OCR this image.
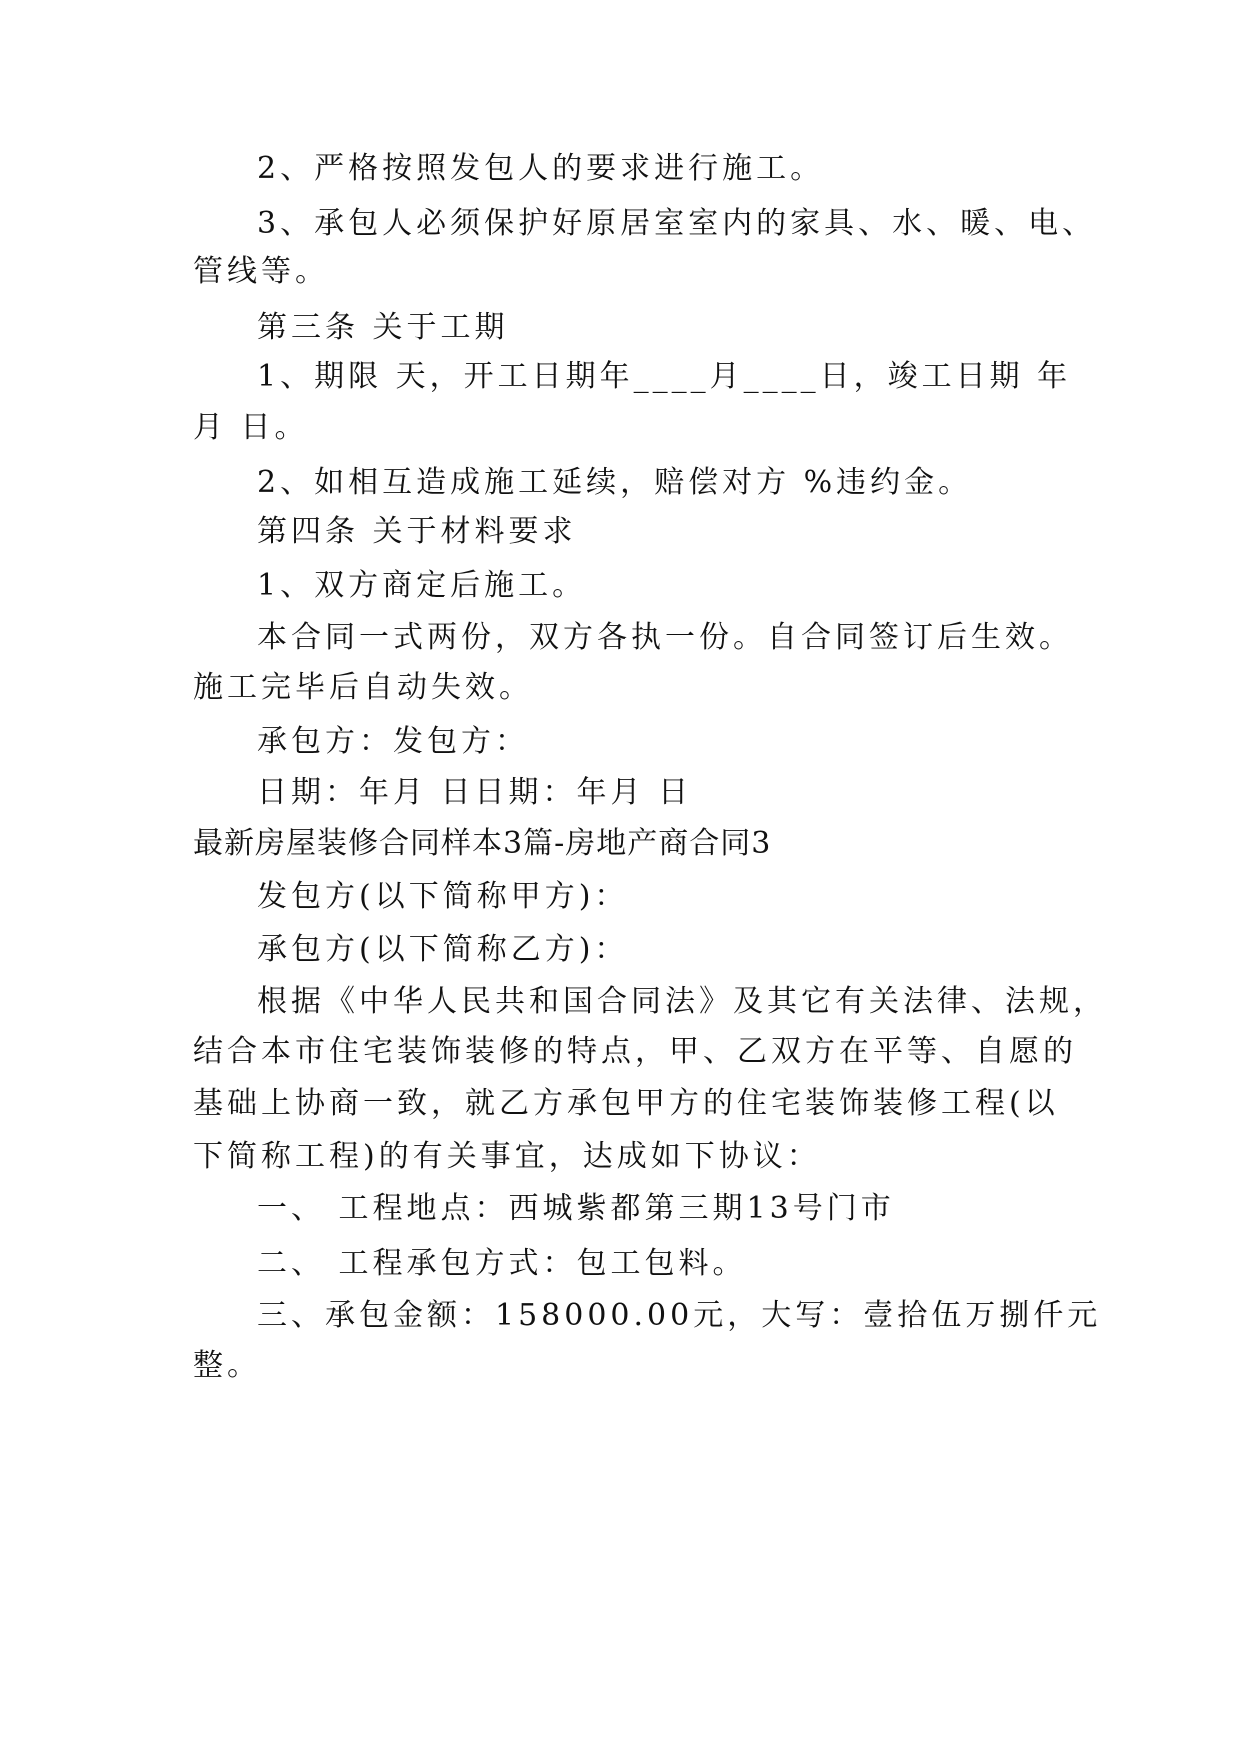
2、严格按照发包人的要求进行施工。
3、承包人必须保护好原居室室内的家具、水、暖、电、
管线等。
第三条 关于工期
1、期限 天，开工日期年____月____日，竣工日期 年
月 日。
2、如相互造成施工延续，赔偿对方 %违约金。
第四条 关于材料要求
1、双方商定后施工。
本合同一式两份，双方各执一份。自合同签订后生效。
施工完毕后自动失效。
承包方：发包方：
日期：年月 日日期：年月 日
最新房屋装修合同样本3篇-房地产商合同3
发包方(以下简称甲方)：
承包方(以下简称乙方)：
根据《中华人民共和国合同法》及其它有关法律、法规，
结合本市住宅装饰装修的特点，甲、乙双方在平等、自愿的
基础上协商一致，就乙方承包甲方的住宅装饰装修工程(以
下简称工程)的有关事宜，达成如下协议：
一、 工程地点：西城紫都第三期13号门市
二、 工程承包方式：包工包料。
三、承包金额：158000.00元，大写：壹拾伍万捌仟元
整。
